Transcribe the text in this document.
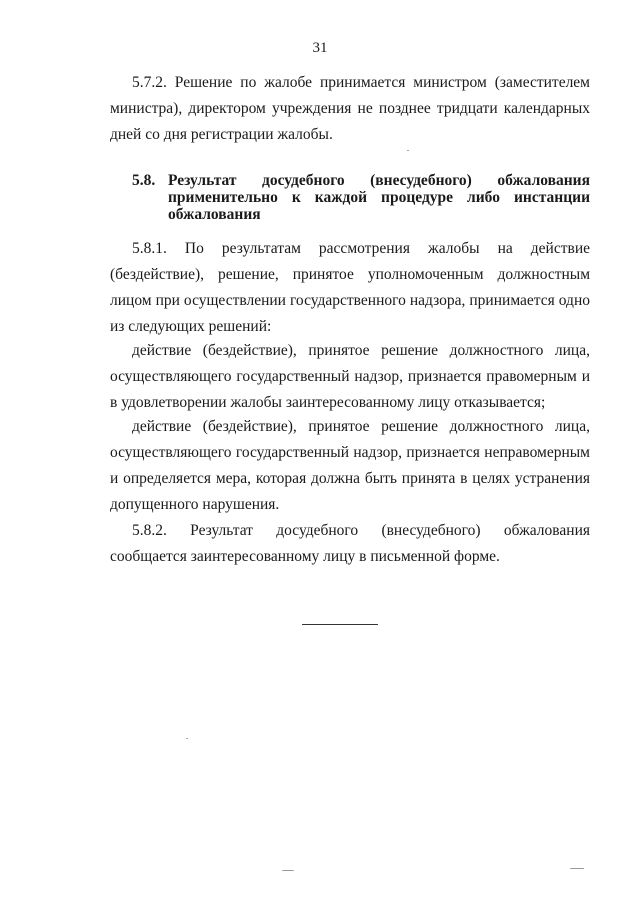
31

5.7.2. Решение по жалобе принимается министром (заместителем министра), директором учреждения не позднее тридцати календарных дней со дня регистрации жалобы.

5.8. Результат досудебного (внесудебного) обжалования применительно к каждой процедуре либо инстанции обжалования

5.8.1. По результатам рассмотрения жалобы на действие (бездействие), решение, принятое уполномоченным должностным лицом при осуществлении государственного надзора, принимается одно из следующих решений:

действие (бездействие), принятое решение должностного лица, осуществляющего государственный надзор, признается правомерным и в удовлетворении жалобы заинтересованному лицу отказывается;

действие (бездействие), принятое решение должностного лица, осуществляющего государственный надзор, признается неправомерным и определяется мера, которая должна быть принята в целях устранения допущенного нарушения.

5.8.2. Результат досудебного (внесудебного) обжалования сообщается заинтересованному лицу в письменной форме.
